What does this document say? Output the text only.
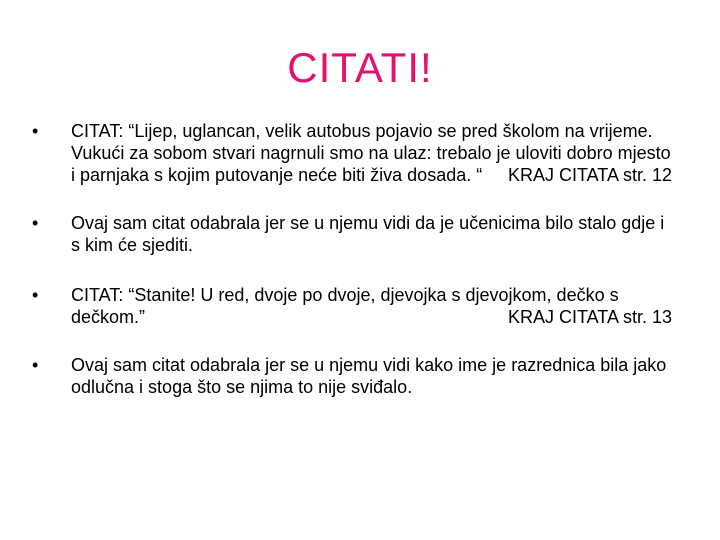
CITATI!
• CITAT: “Lijep, uglancan, velik autobus pojavio se pred školom na vrijeme. Vukući za sobom stvari nagrnuli smo na ulaz: trebalo je uloviti dobro mjesto i parnjaka s kojim putovanje neće biti živa dosada. “ KRAJ CITATA str. 12
• Ovaj sam citat odabrala jer se u njemu vidi da je učenicima bilo stalo gdje i s kim će sjediti.
• CITAT: “Stanite! U red, dvoje po dvoje, djevojka s djevojkom, dečko s dečkom.”	KRAJ CITATA str. 13
• Ovaj sam citat odabrala jer se u njemu vidi kako ime je razrednica bila jako odlučna i stoga što se njima to nije sviđalo.
